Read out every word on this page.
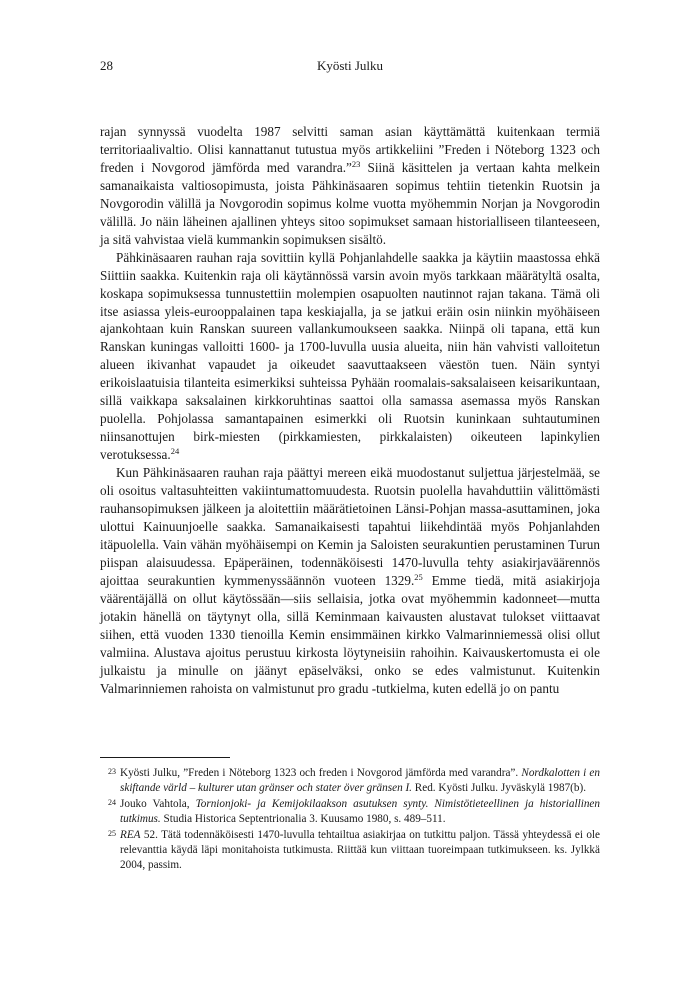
28	Kyösti Julku

rajan synnyssä vuodelta 1987 selvitti saman asian käyttämättä kuitenkaan termiä territoriaalivaltio. Olisi kannattanut tutustua myös artikkeliini ”Freden i Nöteborg 1323 och freden i Novgorod jämförda med varandra.”$^{23}$ Siinä käsittelen ja vertaan kahta melkein samanaikaista valtiosopimusta, joista Pähkinäsaaren sopimus tehtiin tietenkin Ruotsin ja Novgorodin välillä ja Novgorodin sopimus kolme vuotta myöhemmin Norjan ja Novgorodin välillä. Jo näin läheinen ajallinen yhteys sitoo sopimukset samaan historialliseen tilanteeseen, ja sitä vahvistaa vielä kummankin sopimuksen sisältö.

Pähkinäsaaren rauhan raja sovittiin kyllä Pohjanlahdelle saakka ja käytiin maastossa ehkä Siittiin saakka. Kuitenkin raja oli käytännössä varsin avoin myös tarkkaan määrätyltä osalta, koskapa sopimuksessa tunnustettiin molempien osapuolten nautinnot rajan takana. Tämä oli itse asiassa yleis-eurooppalainen tapa keskiajalla, ja se jatkui eräin osin niinkin myöhäiseen ajankohtaan kuin Ranskan suureen vallankumoukseen saakka. Niinpä oli tapana, että kun Ranskan kuningas valloitti 1600- ja 1700-luvulla uusia alueita, niin hän vahvisti valloitetun alueen ikivanhat vapaudet ja oikeudet saavuttaakseen väestön tuen. Näin syntyi erikoislaatuisia tilanteita esimerkiksi suhteissa Pyhään roomalais-saksalaiseen keisarikuntaan, sillä vaikkapa saksalainen kirkkoruhtinas saattoi olla samassa asemassa myös Ranskan puolella. Pohjolassa samantapainen esimerkki oli Ruotsin kuninkaan suhtautuminen niinsanottujen birk-miesten (pirkkamiesten, pirkkalaisten) oikeuteen lapinkylien verotuksessa.$^{24}$

Kun Pähkinäsaaren rauhan raja päättyi mereen eikä muodostanut suljettua järjestelmää, se oli osoitus valtasuhteitten vakiintumattomuudesta. Ruotsin puolella havahduttiin välittömästi rauhansopimuksen jälkeen ja aloitettiin määrätietoinen Länsi-Pohjan massa-asuttaminen, joka ulottui Kainuunjoelle saakka. Samanaikaisesti tapahtui liikehdintää myös Pohjanlahden itäpuolella. Vain vähän myöhäisempi on Kemin ja Saloisten seurakuntien perustaminen Turun piispan alaisuudessa. Epäperäinen, todennäköisesti 1470-luvulla tehty asiakirjaväärennös ajoittaa seurakuntien kymmenyssäännön vuoteen 1329.25 Emme tiedä, mitä asiakirjoja väärentäjällä on ollut käytössään—siis sellaisia, jotka ovat myöhemmin kadonneet—mutta jotakin hänellä on täytynyt olla, sillä Keminmaan kaivausten alustavat tulokset viittaavat siihen, että vuoden 1330 tienoilla Kemin ensimmäinen kirkko Valmarinniemessä olisi ollut valmiina. Alustava ajoitus perustuu kirkosta löytyneisiin rahoihin. Kaivauskertomusta ei ole julkaistu ja minulle on jäänyt epäselväksi, onko se edes valmistunut. Kuitenkin Valmarinniemen rahoista on valmistunut pro gradu -tutkielma, kuten edellä jo on pantu

23 Kyösti Julku, ”Freden i Nöteborg 1323 och freden i Novgorod jämförda med varandra”. Nordkalotten i en skiftande värld – kulturer utan gränser och stater över gränsen I. Red. Kyösti Julku. Jyväskylä 1987(b).
24 Jouko Vahtola, Tornionjoki- ja Kemijokilaakson asutuksen synty. Nimistötieteellinen ja historiallinen tutkimus. Studia Historica Septentrionalia 3. Kuusamo 1980, s. 489–511.
25 REA 52. Tätä todennäköisesti 1470-luvulla tehtailtua asiakirjaa on tutkittu paljon. Tässä yhteydessä ei ole relevanttia käydä läpi monitahoista tutkimusta. Riittää kun viittaan tuoreimpaan tutkimukseen. ks. Jylkkä 2004, passim.
